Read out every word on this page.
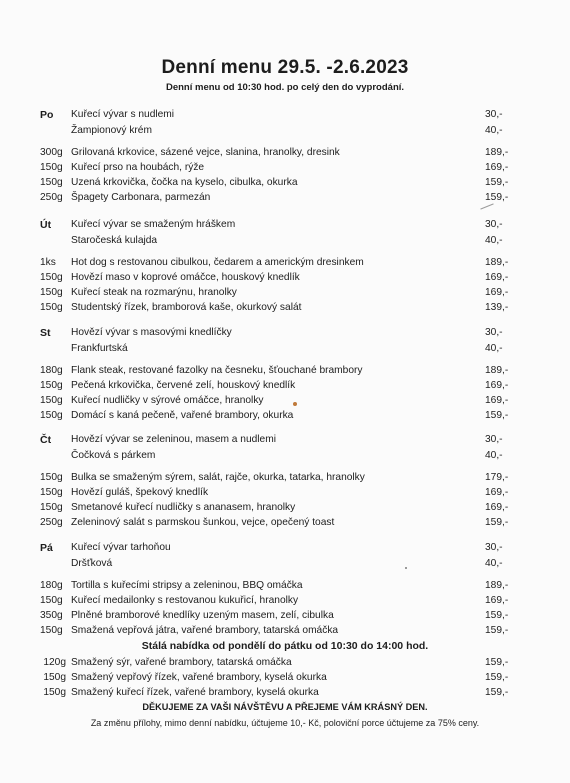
Denní menu 29.5. -2.6.2023
Denní menu od 10:30 hod. po celý den do vyprodání.
Po Kuřecí vývar s nudlemi	30,-
Žampionový krém	40,-
300g Grilovaná krkovice, sázené vejce, slanina, hranolky, dresink	189,-
150g Kuřecí prso na houbách, rýže	169,-
150g Uzená krkovička, čočka na kyselo, cibulka, okurka	159,-
250g Špagety Carbonara, parmezán	159,-
Út Kuřecí vývar se smaženým hráškem	30,-
Staročeská kulajda	40,-
1ks Hot dog s restovanou cibulkou, čedarem a americkým dresinkem	189,-
150g Hovězí maso v koprové omáčce, houskový knedlík	169,-
150g Kuřecí steak na rozmarýnu, hranolky	169,-
150g Studentský řízek, bramborová kaše, okurkový salát	139,-
St Hovězí vývar s masovými knedlíčky	30,-
Frankfurtská	40,-
180g Flank steak, restované fazolky na česneku, šťouchané brambory	189,-
150g Pečená krkovička, červené zelí, houskový knedlík	169,-
150g Kuřecí nudličky v sýrové omáčce, hranolky	169,-
150g Domácí s kaná pečeně, vařené brambory, okurka	159,-
Čt Hovězí vývar se zeleninou, masem a nudlemi	30,-
Čočková s párkem	40,-
150g Bulka se smaženým sýrem, salát, rajče, okurka, tatarka, hranolky	179,-
150g Hovězí guláš, špekový knedlík	169,-
150g Smetanové kuřecí nudličky s ananasem, hranolky	169,-
250g Zeleninový salát s parmskou šunkou, vejce, opečený toast	159,-
Pá Kuřecí vývar tarhoňou	30,-
Dršťková	40,-
180g Tortilla s kuřecími stripsy a zeleninou, BBQ omáčka	189,-
150g Kuřecí medailonky s restovanou kukuřicí, hranolky	169,-
350g Plněné bramborové knedlíky uzeným masem, zelí, cibulka	159,-
150g Smažená vepřová játra, vařené brambory, tatarská omáčka	159,-
Stálá nabídka od pondělí do pátku od 10:30 do 14:00 hod.
120g Smažený sýr, vařené brambory, tatarská omáčka	159,-
150g Smažený vepřový řízek, vařené brambory, kyselá okurka	159,-
150g Smažený kuřecí řízek, vařené brambory, kyselá okurka	159,-
DĚKUJEME ZA VAŠI NÁVŠTĚVU A PŘEJEME VÁM KRÁSNÝ DEN.
Za změnu přílohy, mimo denní nabídku, účtujeme 10,- Kč, poloviční porce účtujeme za 75% ceny.
